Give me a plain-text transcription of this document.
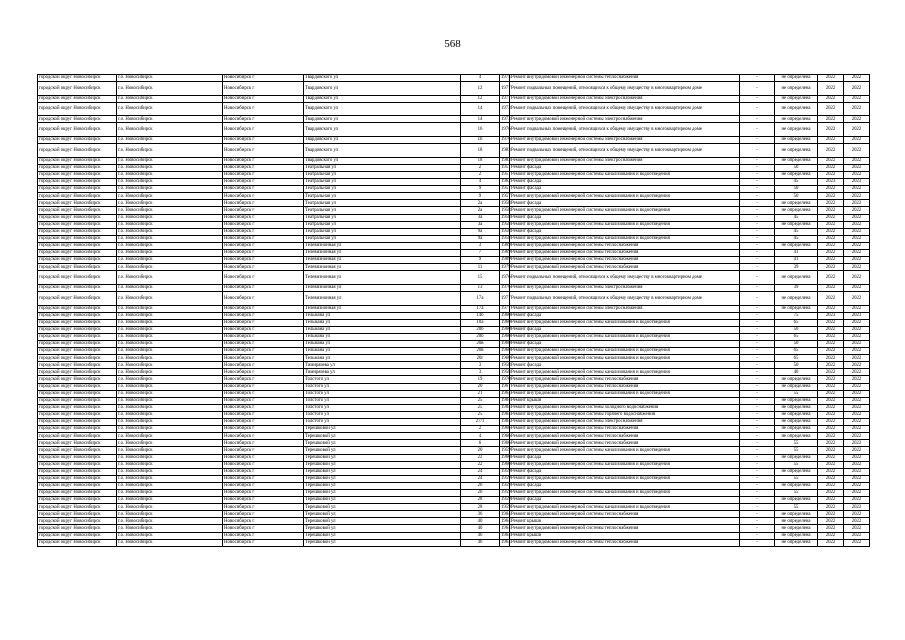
568
городской округ Новосибирск	г.о. Новосибирск	Новосибирск г	Твардовского ул	4	1975	Ремонт внутридомовой инженерной системы теплоснабжения	-	не определена	2022	2022
городской округ Новосибирск	г.о. Новосибирск	Новосибирск г	Твардовского ул	12	1977	Ремонт подвальных помещений, относящихся к общему имуществу в многоквартирном доме	-	не определена	2022	2022
городской округ Новосибирск	г.о. Новосибирск	Новосибирск г	Твардовского ул	12	1977	Ремонт внутридомовой инженерной системы электроснабжения	-	не определена	2022	2022
городской округ Новосибирск	г.о. Новосибирск	Новосибирск г	Твардовского ул	14	1973	Ремонт подвальных помещений, относящихся к общему имуществу в многоквартирном доме	-	не определена	2022	2022
городской округ Новосибирск	г.о. Новосибирск	Новосибирск г	Твардовского ул	14	1973	Ремонт внутридомовой инженерной системы электроснабжения	-	не определена	2022	2022
городской округ Новосибирск	г.о. Новосибирск	Новосибирск г	Твардовского ул	16	1976	Ремонт подвальных помещений, относящихся к общему имуществу в многоквартирном доме	-	не определена	2022	2022
городской округ Новосибирск	г.о. Новосибирск	Новосибирск г	Твардовского ул	16	1976	Ремонт внутридомовой инженерной системы электроснабжения	-	не определена	2022	2022
городской округ Новосибирск	г.о. Новосибирск	Новосибирск г	Твардовского ул	18	1983	Ремонт подвальных помещений, относящихся к общему имуществу в многоквартирном доме	-	не определена	2022	2022
городской округ Новосибирск	г.о. Новосибирск	Новосибирск г	Твардовского ул	18	1983	Ремонт внутридомовой инженерной системы электроснабжения	-	не определена	2022	2022
городской округ Новосибирск	г.о. Новосибирск	Новосибирск г	Театральная ул	2	1957	Ремонт фасада	-	50	2022	2022
городской округ Новосибирск	г.о. Новосибирск	Новосибирск г	Театральная ул	2	1957	Ремонт внутридомовой инженерной системы канализования и водоотведения	-	не определена	2022	2022
городской округ Новосибирск	г.о. Новосибирск	Новосибирск г	Театральная ул	4	1962	Ремонт фасада	-	45	2023	2023
городской округ Новосибирск	г.о. Новосибирск	Новосибирск г	Театральная ул	9	1957	Ремонт фасада	-	50	2022	2022
городской округ Новосибирск	г.о. Новосибирск	Новосибирск г	Театральная ул	9	1957	Ремонт внутридомовой инженерной системы канализования и водоотведения	-	50	2022	2022
городской округ Новосибирск	г.о. Новосибирск	Новосибирск г	Театральная ул	2а	1958	Ремонт фасада	-	не определена	2022	2022
городской округ Новосибирск	г.о. Новосибирск	Новосибирск г	Театральная ул	2а	1958	Ремонт внутридомовой инженерной системы канализования и водоотведения	-	не определена	2022	2022
городской округ Новосибирск	г.о. Новосибирск	Новосибирск г	Театральная ул	3а	1958	Ремонт фасада	-	45	2022	2022
городской округ Новосибирск	г.о. Новосибирск	Новосибирск г	Театральная ул	3а	1958	Ремонт внутридомовой инженерной системы канализования и водоотведения	-	не определена	2022	2022
городской округ Новосибирск	г.о. Новосибирск	Новосибирск г	Театральная ул	9а	1958	Ремонт фасада	-	45	2022	2022
городской округ Новосибирск	г.о. Новосибирск	Новосибирск г	Театральная ул	9а	1958	Ремонт внутридомовой инженерной системы канализования и водоотведения	-	45	2022	2022
городской округ Новосибирск	г.о. Новосибирск	Новосибирск г	Телевизионная ул	3	1969	Ремонт внутридомовой инженерной системы теплоснабжения	-	не определена	2022	2022
городской округ Новосибирск	г.о. Новосибирск	Новосибирск г	Телевизионная ул	7	1969	Ремонт внутридомовой инженерной системы теплоснабжения	-	41	2022	2022
городской округ Новосибирск	г.о. Новосибирск	Новосибирск г	Телевизионная ул	9	1989	Ремонт внутридомовой инженерной системы теплоснабжения	-	41	2022	2022
городской округ Новосибирск	г.о. Новосибирск	Новосибирск г	Телевизионная ул	11	1979	Ремонт внутридомовой инженерной системы теплоснабжения	-	39	2022	2022
городской округ Новосибирск	г.о. Новосибирск	Новосибирск г	Телевизионная ул	15	1976	Ремонт подвальных помещений, относящихся к общему имуществу в многоквартирном доме	-	не определена	2022	2022
городской округ Новосибирск	г.о. Новосибирск	Новосибирск г	Телевизионная ул	13	1976	Ремонт внутридомовой инженерной системы электроснабжения	-	39	2022	2022
городской округ Новосибирск	г.о. Новосибирск	Новосибирск г	Телевизионная ул	17а	1977	Ремонт подвальных помещений, относящихся к общему имуществу в многоквартирном доме	-	не определена	2022	2022
городской округ Новосибирск	г.о. Новосибирск	Новосибирск г	Телевизионная ул	17а	1977	Ремонт внутридомовой инженерной системы электроснабжения	-	не определена	2022	2022
городской округ Новосибирск	г.о. Новосибирск	Новосибирск г	Тельмана ул	14б	1960	Ремонт фасада	-	75	2023	2023
городской округ Новосибирск	г.о. Новосибирск	Новосибирск г	Тельмана ул	18а	1960	Ремонт внутридомовой инженерной системы канализования и водоотведения	-	65	2022	2022
городской округ Новосибирск	г.о. Новосибирск	Новосибирск г	Тельмана ул	20б	1960	Ремонт фасада	-	50	2022	2022
городской округ Новосибирск	г.о. Новосибирск	Новосибирск г	Тельмана ул	20б	1960	Ремонт внутридомовой инженерной системы канализования и водоотведения	-	65	2022	2022
городской округ Новосибирск	г.о. Новосибирск	Новосибирск г	Тельмана ул	20в	1960	Ремонт фасада	-	50	2022	2022
городской округ Новосибирск	г.о. Новосибирск	Новосибирск г	Тельмана ул	20в	1960	Ремонт внутридомовой инженерной системы канализования и водоотведения	-	65	2022	2022
городской округ Новосибирск	г.о. Новосибирск	Новосибирск г	Тельмана ул	20г	1960	Ремонт внутридомовой инженерной системы канализования и водоотведения	-	65	2022	2022
городской округ Новосибирск	г.о. Новосибирск	Новосибирск г	Тимирязева ул	3	1958	Ремонт фасада	-	50	2022	2022
городской округ Новосибирск	г.о. Новосибирск	Новосибирск г	Тимирязева ул	3	1958	Ремонт внутридомовой инженерной системы канализования и водоотведения	-	40	2022	2022
городской округ Новосибирск	г.о. Новосибирск	Новосибирск г	Толстого ул	19	1970	Ремонт внутридомовой инженерной системы теплоснабжения	-	не определена	2022	2022
городской округ Новосибирск	г.о. Новосибирск	Новосибирск г	Толстого ул	20	1967	Ремонт внутридомовой инженерной системы теплоснабжения	-	не определена	2022	2022
городской округ Новосибирск	г.о. Новосибирск	Новосибирск г	Толстого ул	21	1964	Ремонт внутридомовой инженерной системы канализования и водоотведения	-	55	2022	2022
городской округ Новосибирск	г.о. Новосибирск	Новосибирск г	Толстого ул	25	1984	Ремонт крыши	-	не определена	2022	2022
городской округ Новосибирск	г.о. Новосибирск	Новосибирск г	Толстого ул	25	1984	Ремонт внутридомовой инженерной системы холодного водоснабжения	-	не определена	2022	2022
городской округ Новосибирск	г.о. Новосибирск	Новосибирск г	Толстого ул	25	1984	Ремонт внутридомовой инженерной системы горячего водоснабжения	-	не определена	2022	2022
городской округ Новосибирск	г.о. Новосибирск	Новосибирск г	Толстого ул	27/1	1984	Ремонт внутридомовой инженерной системы электроснабжения	-	не определена	2022	2022
городской округ Новосибирск	г.о. Новосибирск	Новосибирск г	Терешковой ул	2	1966	Ремонт внутридомовой инженерной системы теплоснабжения	-	не определена	2022	2022
городской округ Новосибирск	г.о. Новосибирск	Новосибирск г	Терешковой ул	4	1966	Ремонт внутридомовой инженерной системы теплоснабжения	-	не определена	2022	2022
городской округ Новосибирск	г.о. Новосибирск	Новосибирск г	Терешковой ул	6	1966	Ремонт внутридомовой инженерной системы теплоснабжения	-	55	2022	2022
городской округ Новосибирск	г.о. Новосибирск	Новосибирск г	Терешковой ул	20	1959	Ремонт внутридомовой инженерной системы канализования и водоотведения	-	55	2022	2022
городской округ Новосибирск	г.о. Новосибирск	Новосибирск г	Терешковой ул	22	1960	Ремонт фасада	-	не определена	2022	2022
городской округ Новосибирск	г.о. Новосибирск	Новосибирск г	Терешковой ул	22	1960	Ремонт внутридомовой инженерной системы канализования и водоотведения	-	55	2022	2022
городской округ Новосибирск	г.о. Новосибирск	Новосибирск г	Терешковой ул	24	1959	Ремонт фасада	-	не определена	2022	2022
городской округ Новосибирск	г.о. Новосибирск	Новосибирск г	Терешковой ул	24	1959	Ремонт внутридомовой инженерной системы канализования и водоотведения	-	55	2022	2022
городской округ Новосибирск	г.о. Новосибирск	Новосибирск г	Терешковой ул	26	1959	Ремонт фасада	-	не определена	2022	2022
городской округ Новосибирск	г.о. Новосибирск	Новосибирск г	Терешковой ул	26	1959	Ремонт внутридомовой инженерной системы канализования и водоотведения	-	55	2022	2022
городской округ Новосибирск	г.о. Новосибирск	Новосибирск г	Терешковой ул	28	1959	Ремонт фасада	-	не определена	2022	2022
городской округ Новосибирск	г.о. Новосибирск	Новосибирск г	Терешковой ул	28	1959	Ремонт внутридомовой инженерной системы канализования и водоотведения	-	55	2022	2022
городской округ Новосибирск	г.о. Новосибирск	Новосибирск г	Терешковой ул	36	1984	Ремонт внутридомовой инженерной системы теплоснабжения	-	не определена	2022	2022
городской округ Новосибирск	г.о. Новосибирск	Новосибирск г	Терешковой ул	40	1964	Ремонт крыши	-	не определена	2022	2022
городской округ Новосибирск	г.о. Новосибирск	Новосибирск г	Терешковой ул	40	1964	Ремонт внутридомовой инженерной системы теплоснабжения	-	не определена	2022	2022
городской округ Новосибирск	г.о. Новосибирск	Новосибирск г	Терешковой ул	46	1964	Ремонт крыши	-	не определена	2022	2022
городской округ Новосибирск	г.о. Новосибирск	Новосибирск г	Терешковой ул	46	1964	Ремонт внутридомовой инженерной системы теплоснабжения	-	не определена	2022	2022
